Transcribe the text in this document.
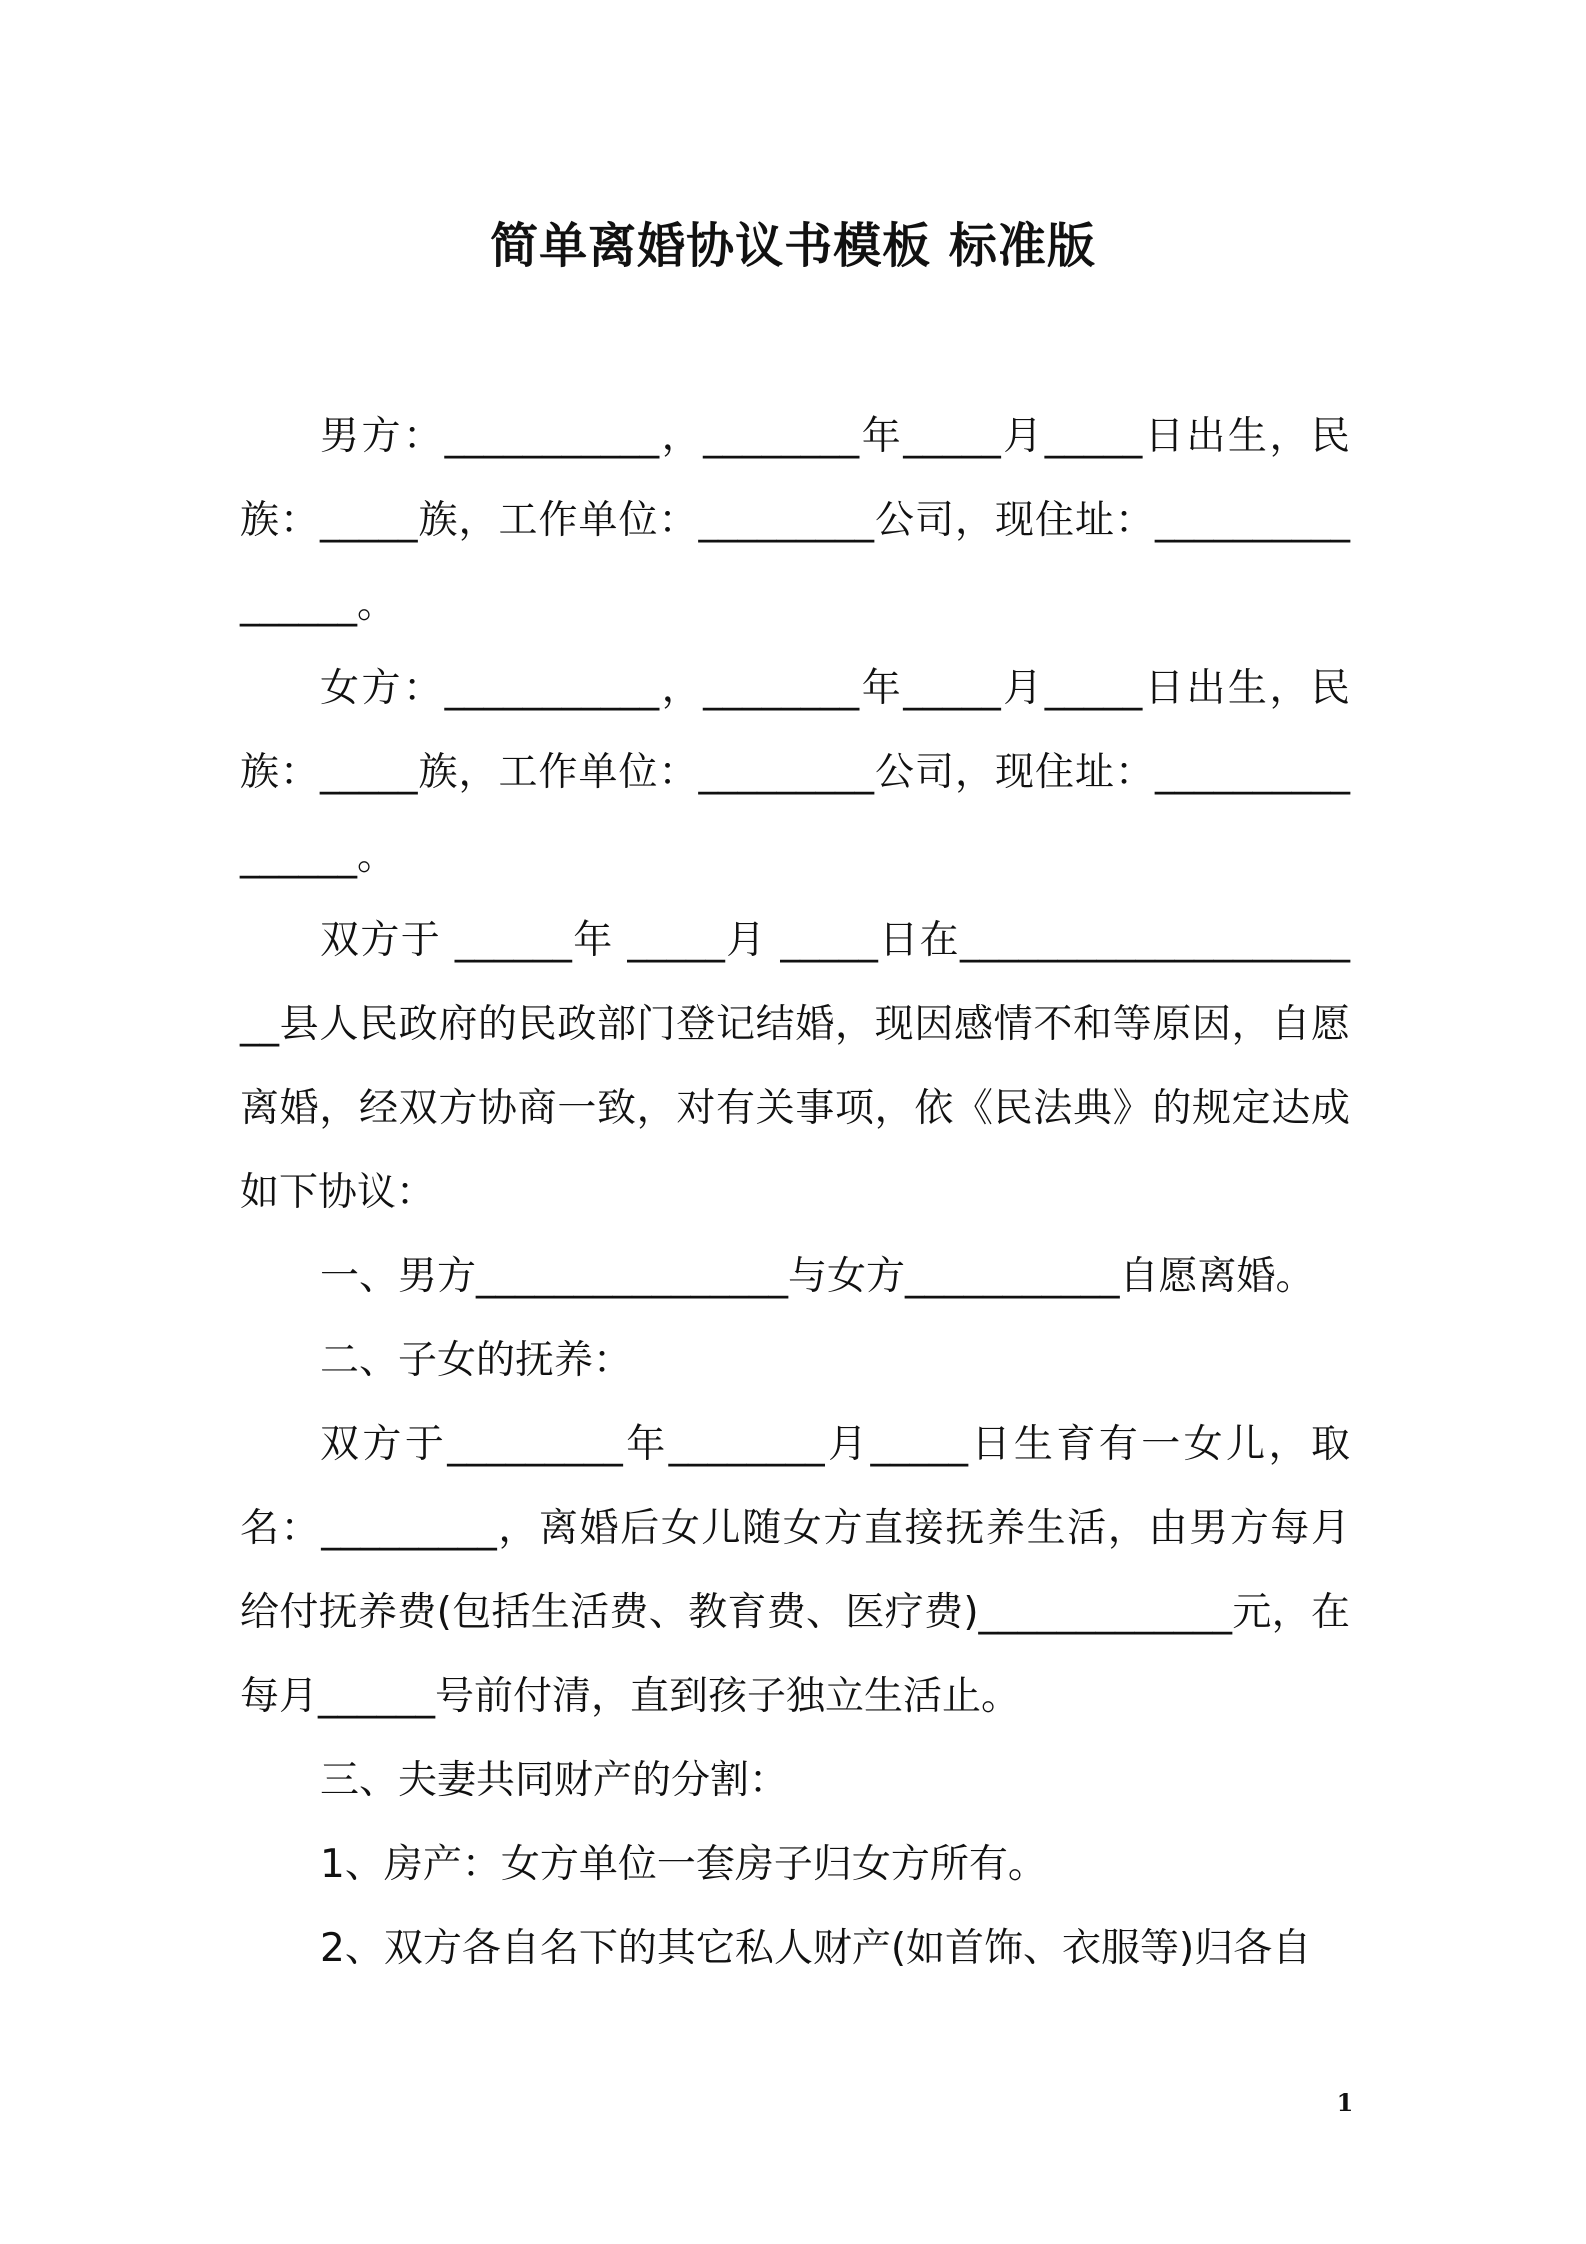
简单离婚协议书模板 标准版

男方：___________，________年_____月_____日出生，民族：_____族，工作单位：_________公司，现住址：________________。

女方：___________，________年_____月_____日出生，民族：_____族，工作单位：_________公司，现住址：________________。

双方于 ______年 _____月 _____日在______________________县人民政府的民政部门登记结婚，现因感情不和等原因，自愿离婚，经双方协商一致，对有关事项，依《民法典》的规定达成如下协议：

一、男方________________与女方___________自愿离婚。

二、子女的抚养：

双方于_________年________月_____日生育有一女儿，取名：_________，离婚后女儿随女方直接抚养生活，由男方每月给付抚养费(包括生活费、教育费、医疗费)_____________元，在每月______号前付清，直到孩子独立生活止。

三、夫妻共同财产的分割：

1、房产：女方单位一套房子归女方所有。

2、双方各自名下的其它私人财产(如首饰、衣服等)归各自

1
